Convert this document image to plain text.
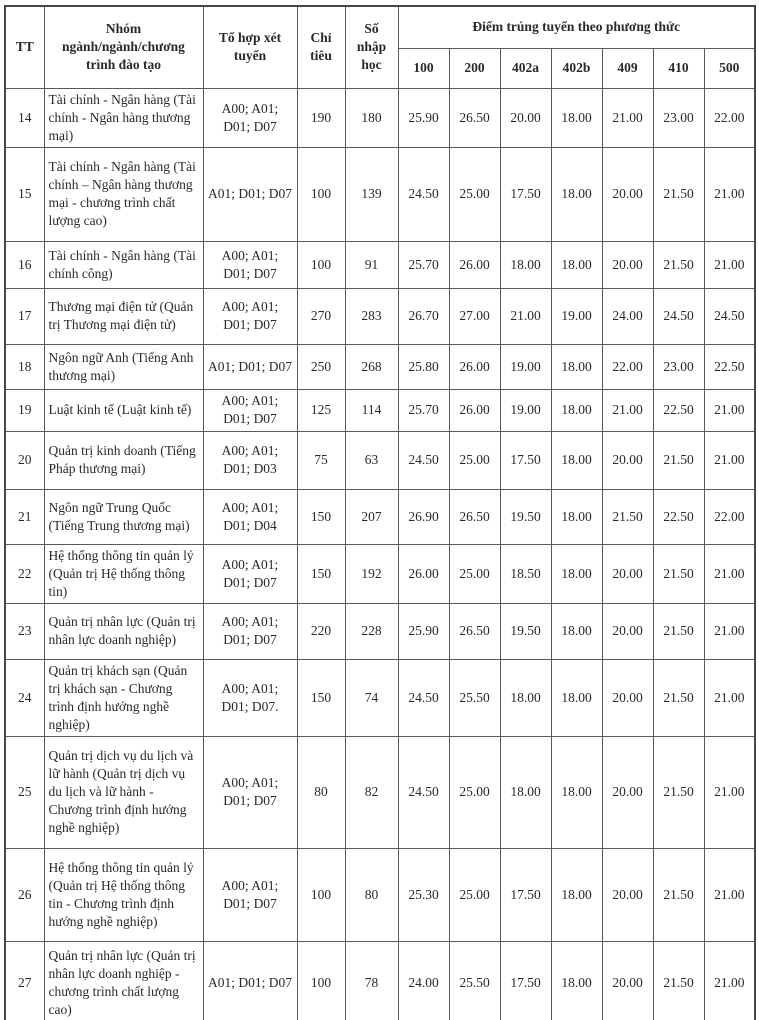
TT	Nhóm ngành/ngành/chương trình đào tạo	Tổ hợp xét tuyển	Chỉ tiêu	Số nhập học	Điểm trúng tuyển theo phương thức						
					100	200	402a	402b	409	410	500
14	Tài chính - Ngân hàng (Tài chính - Ngân hàng thương mại)	A00; A01; D01; D07	190	180	25.90	26.50	20.00	18.00	21.00	23.00	22.00
15	Tài chính - Ngân hàng (Tài chính – Ngân hàng thương mại - chương trình chất lượng cao)	A01; D01; D07	100	139	24.50	25.00	17.50	18.00	20.00	21.50	21.00
16	Tài chính - Ngân hàng (Tài chính công)	A00; A01; D01; D07	100	91	25.70	26.00	18.00	18.00	20.00	21.50	21.00
17	Thương mại điện tử (Quản trị Thương mại điện tử)	A00; A01; D01; D07	270	283	26.70	27.00	21.00	19.00	24.00	24.50	24.50
18	Ngôn ngữ Anh (Tiếng Anh thương mại)	A01; D01; D07	250	268	25.80	26.00	19.00	18.00	22.00	23.00	22.50
19	Luật kinh tế (Luật kinh tế)	A00; A01; D01; D07	125	114	25.70	26.00	19.00	18.00	21.00	22.50	21.00
20	Quản trị kinh doanh (Tiếng Pháp thương mại)	A00; A01; D01; D03	75	63	24.50	25.00	17.50	18.00	20.00	21.50	21.00
21	Ngôn ngữ Trung Quốc (Tiếng Trung thương mại)	A00; A01; D01; D04	150	207	26.90	26.50	19.50	18.00	21.50	22.50	22.00
22	Hệ thống thông tin quản lý (Quản trị Hệ thống thông tin)	A00; A01; D01; D07	150	192	26.00	25.00	18.50	18.00	20.00	21.50	21.00
23	Quản trị nhân lực (Quản trị nhân lực doanh nghiệp)	A00; A01; D01; D07	220	228	25.90	26.50	19.50	18.00	20.00	21.50	21.00
24	Quản trị khách sạn (Quản trị khách sạn - Chương trình định hướng nghề nghiệp)	A00; A01; D01; D07.	150	74	24.50	25.50	18.00	18.00	20.00	21.50	21.00
25	Quản trị dịch vụ du lịch và lữ hành (Quản trị dịch vụ du lịch và lữ hành - Chương trình định hướng nghề nghiệp)	A00; A01; D01; D07	80	82	24.50	25.00	18.00	18.00	20.00	21.50	21.00
26	Hệ thống thông tin quản lý (Quản trị Hệ thống thông tin - Chương trình định hướng nghề nghiệp)	A00; A01; D01; D07	100	80	25.30	25.00	17.50	18.00	20.00	21.50	21.00
27	Quản trị nhân lực (Quản trị nhân lực doanh nghiệp - chương trình chất lượng cao)	A01; D01; D07	100	78	24.00	25.50	17.50	18.00	20.00	21.50	21.00
